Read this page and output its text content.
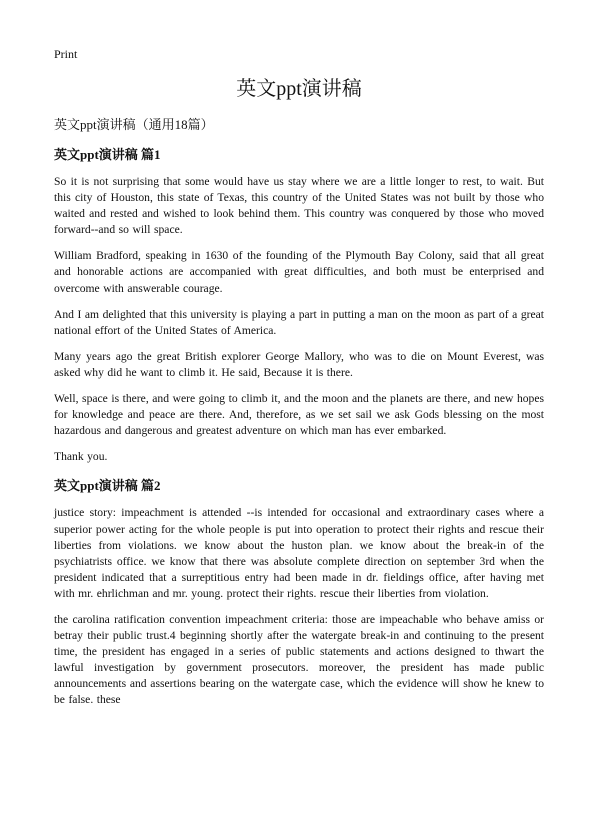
Print
英文ppt演讲稿
英文ppt演讲稿（通用18篇）
英文ppt演讲稿 篇1

So it is not surprising that some would have us stay where we are a little longer to rest, to wait. But this city of Houston, this state of Texas, this country of the United States was not built by those who waited and rested and wished to look behind them. This country was conquered by those who moved forward--and so will space.

William Bradford, speaking in 1630 of the founding of the Plymouth Bay Colony, said that all great and honorable actions are accompanied with great difficulties, and both must be enterprised and overcome with answerable courage.

And I am delighted that this university is playing a part in putting a man on the moon as part of a great national effort of the United States of America.

Many years ago the great British explorer George Mallory, who was to die on Mount Everest, was asked why did he want to climb it. He said, Because it is there.

Well, space is there, and were going to climb it, and the moon and the planets are there, and new hopes for knowledge and peace are there. And, therefore, as we set sail we ask Gods blessing on the most hazardous and dangerous and greatest adventure on which man has ever embarked.

Thank you.

英文ppt演讲稿 篇2

justice story: impeachment is attended --is intended for occasional and extraordinary cases where a superior power acting for the whole people is put into operation to protect their rights and rescue their liberties from violations. we know about the huston plan. we know about the break-in of the psychiatrists office. we know that there was absolute complete direction on september 3rd when the president indicated that a surreptitious entry had been made in dr. fieldings office, after having met with mr. ehrlichman and mr. young. protect their rights. rescue their liberties from violation.

the carolina ratification convention impeachment criteria: those are impeachable who behave amiss or betray their public trust.4 beginning shortly after the watergate break-in and continuing to the present time, the president has engaged in a series of public statements and actions designed to thwart the lawful investigation by government prosecutors. moreover, the president has made public announcements and assertions bearing on the watergate case, which the evidence will show he knew to be false. these
